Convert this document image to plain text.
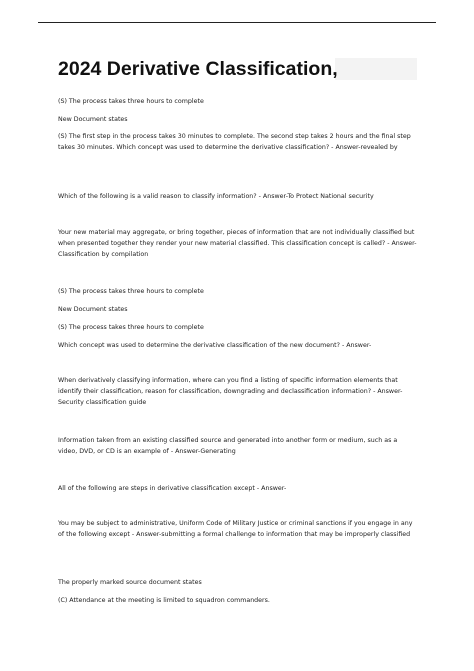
2024 Derivative Classification,

(S) The process takes three hours to complete

New Document states

(S) The first step in the process takes 30 minutes to complete. The second step takes 2 hours and the final step takes 30 minutes. Which concept was used to determine the derivative classification? - Answer-revealed by

Which of the following is a valid reason to classify information? - Answer-To Protect National security

Your new material may aggregate, or bring together, pieces of information that are not individually classified but when presented together they render your new material classified. This classification concept is called? - Answer-Classification by compilation

(S) The process takes three hours to complete

New Document states

(S) The process takes three hours to complete

Which concept was used to determine the derivative classification of the new document? - Answer-

When derivatively classifying information, where can you find a listing of specific information elements that identify their classification, reason for classification, downgrading and declassification information? - Answer-Security classification guide

Information taken from an existing classified source and generated into another form or medium, such as a video, DVD, or CD is an example of - Answer-Generating

All of the following are steps in derivative classification except - Answer-

You may be subject to administrative, Uniform Code of Military Justice or criminal sanctions if you engage in any of the following except - Answer-submitting a formal challenge to information that may be improperly classified

The properly marked source document states

(C) Attendance at the meeting is limited to squadron commanders.
